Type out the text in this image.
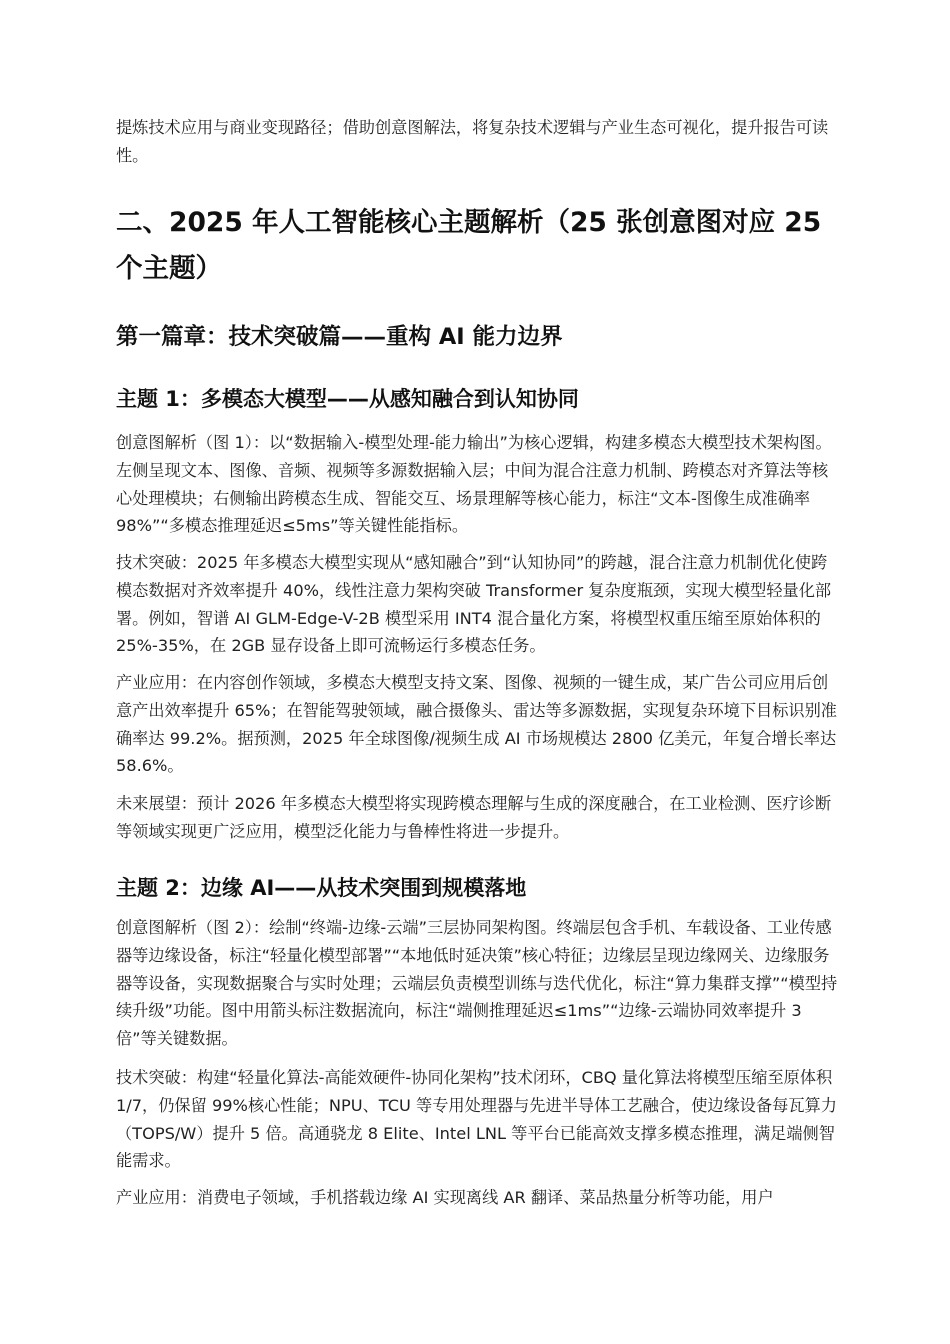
提炼技术应用与商业变现路径；借助创意图解法，将复杂技术逻辑与产业生态可视化，提升报告可读性。

二、2025 年人工智能核心主题解析（25 张创意图对应 25 个主题）
第一篇章：技术突破篇——重构 AI 能力边界
主题 1：多模态大模型——从感知融合到认知协同

创意图解析（图 1）：以“数据输入-模型处理-能力输出”为核心逻辑，构建多模态大模型技术架构图。左侧呈现文本、图像、音频、视频等多源数据输入层；中间为混合注意力机制、跨模态对齐算法等核心处理模块；右侧输出跨模态生成、智能交互、场景理解等核心能力，标注“文本-图像生成准确率 98%”“多模态推理延迟≤5ms”等关键性能指标。

技术突破：2025 年多模态大模型实现从“感知融合”到“认知协同”的跨越，混合注意力机制优化使跨模态数据对齐效率提升 40%，线性注意力架构突破 Transformer 复杂度瓶颈，实现大模型轻量化部署。例如，智谱 AI GLM-Edge-V-2B 模型采用 INT4 混合量化方案，将模型权重压缩至原始体积的 25%-35%，在 2GB 显存设备上即可流畅运行多模态任务。

产业应用：在内容创作领域，多模态大模型支持文案、图像、视频的一键生成，某广告公司应用后创意产出效率提升 65%；在智能驾驶领域，融合摄像头、雷达等多源数据，实现复杂环境下目标识别准确率达 99.2%。据预测，2025 年全球图像/视频生成 AI 市场规模达 2800 亿美元，年复合增长率达 58.6%。

未来展望：预计 2026 年多模态大模型将实现跨模态理解与生成的深度融合，在工业检测、医疗诊断等领域实现更广泛应用，模型泛化能力与鲁棒性将进一步提升。

主题 2：边缘 AI——从技术突围到规模落地

创意图解析（图 2）：绘制“终端-边缘-云端”三层协同架构图。终端层包含手机、车载设备、工业传感器等边缘设备，标注“轻量化模型部署”“本地低时延决策”核心特征；边缘层呈现边缘网关、边缘服务器等设备，实现数据聚合与实时处理；云端层负责模型训练与迭代优化，标注“算力集群支撑”“模型持续升级”功能。图中用箭头标注数据流向，标注“端侧推理延迟≤1ms”“边缘-云端协同效率提升 3 倍”等关键数据。

技术突破：构建“轻量化算法-高能效硬件-协同化架构”技术闭环，CBQ 量化算法将模型压缩至原体积 1/7，仍保留 99%核心性能；NPU、TCU 等专用处理器与先进半导体工艺融合，使边缘设备每瓦算力（TOPS/W）提升 5 倍。高通骁龙 8 Elite、Intel LNL 等平台已能高效支撑多模态推理，满足端侧智能需求。

产业应用：消费电子领域，手机搭载边缘 AI 实现离线 AR 翻译、菜品热量分析等功能，用户
